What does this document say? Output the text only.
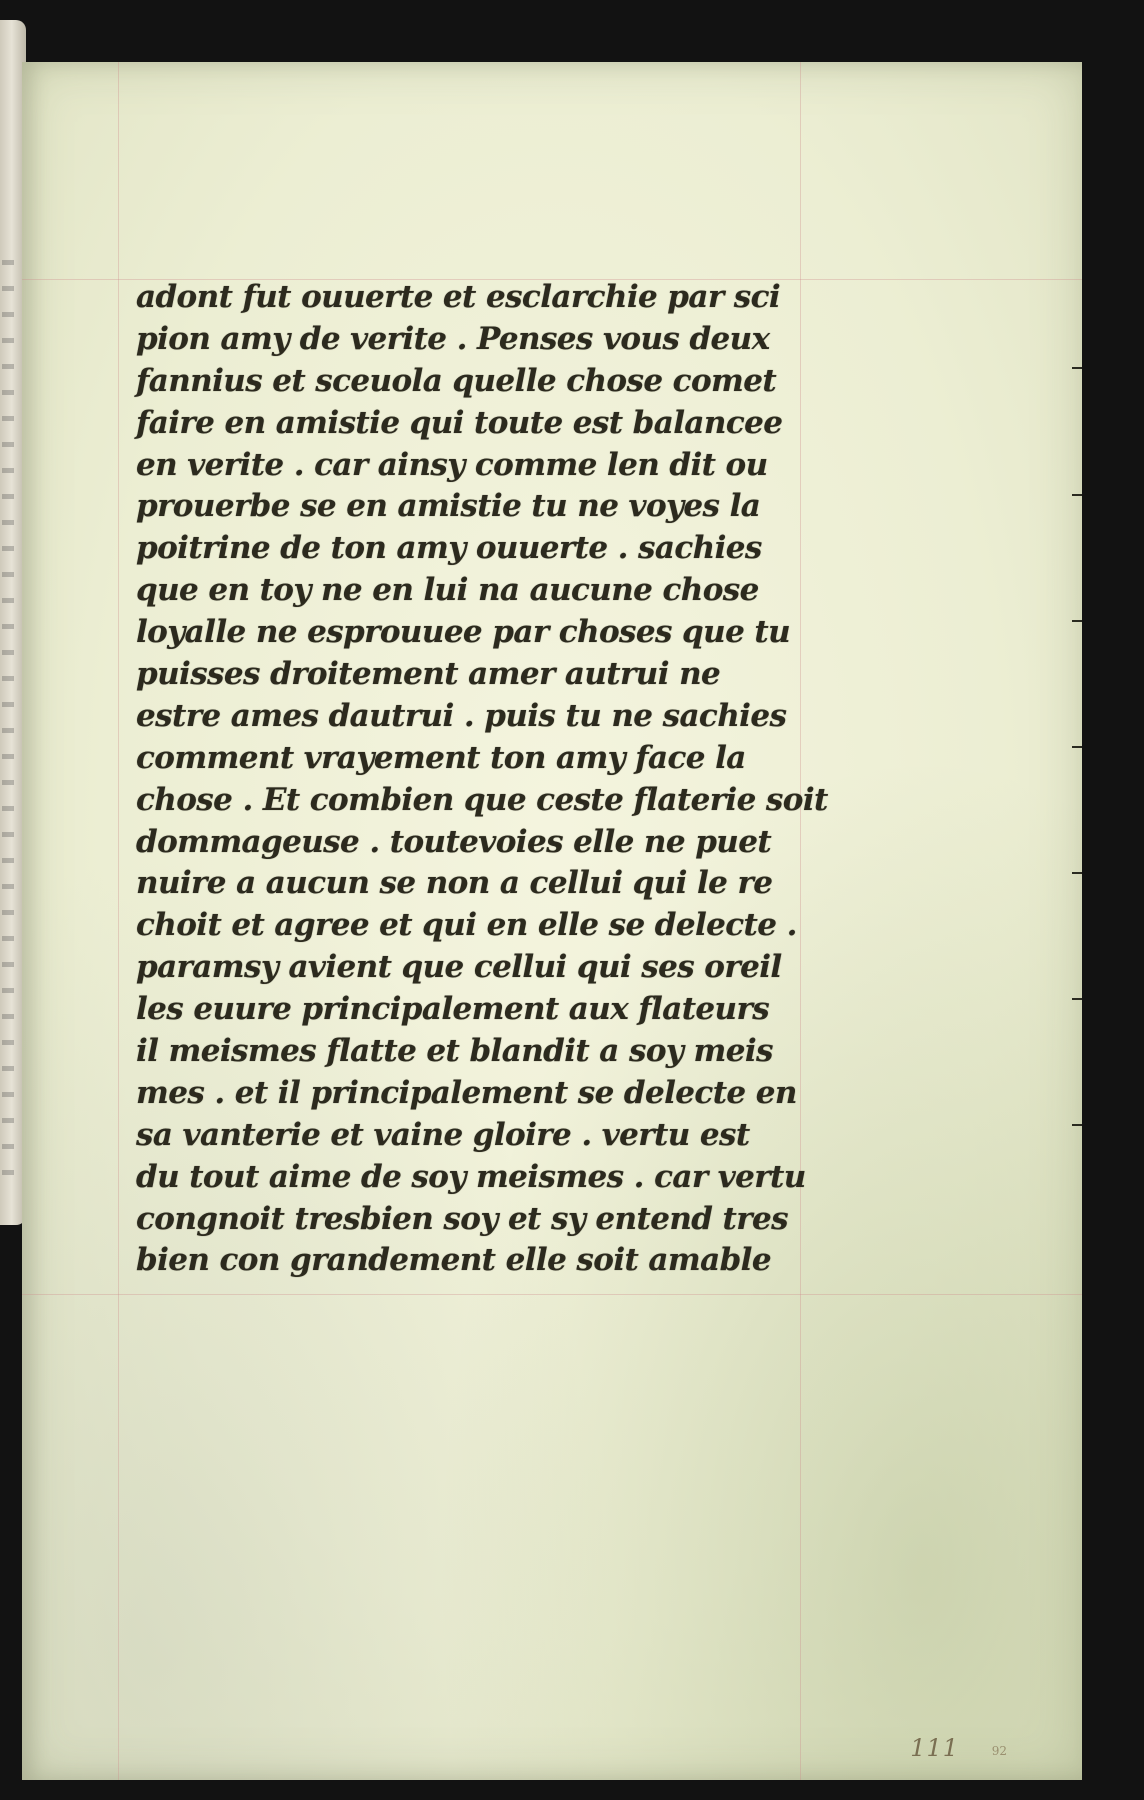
adont fut ouuerte et esclarchie par sci
pion amy de verite . Penses vous deux
fannius et sceuola quelle chose comet
faire en amistie qui toute est balancee
en verite . car ainsy comme len dit ou
prouerbe se en amistie tu ne voyes la
poitrine de ton amy ouuerte . sachies
que en toy ne en lui na aucune chose
loyalle ne esprouuee par choses que tu
puisses droitement amer autrui ne
estre ames dautrui . puis tu ne sachies
comment vrayement ton amy face la
chose . Et combien que ceste flaterie soit
dommageuse . toutevoies elle ne puet
nuire a aucun se non a cellui qui le re
choit et agree et qui en elle se delecte .
paramsy avient que cellui qui ses oreil
les euure principalement aux flateurs
il meismes flatte et blandit a soy meis
mes . et il principalement se delecte en
sa vanterie et vaine gloire . vertu est
du tout aime de soy meismes . car vertu
congnoit tresbien soy et sy entend tres
bien con grandement elle soit amable
111	92
